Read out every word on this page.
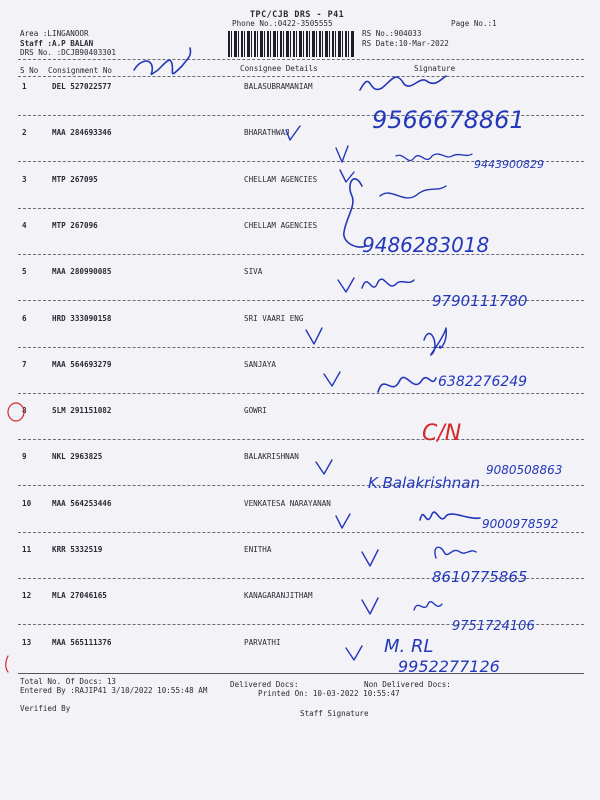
TPC/CJB DRS - P41
Phone No.:0422-3505555
RS No.:904033
Page No.:1
RS Date:10-Mar-2022
Area :LINGANOOR
Staff :A.P BALAN
DRS No. :DCJB90403301
S No Consignment No	Consignee Details	Signature
1	DEL 527022577	BALASUBRAMANIAM
2	MAA 284693346	BHARATHWAJ
3	MTP 267095	CHELLAM AGENCIES
4	MTP 267096	CHELLAM AGENCIES
5	MAA 280990085	SIVA
6	HRD 333090158	SRI VAARI ENG
7	MAA 564693279	SANJAYA
8	SLM 291151082	GOWRI
9	NKL 2963825	BALAKRISHNAN
10	MAA 564253446	VENKATESA NARAYANAN
11	KRR 5332519	ENITHA
12	MLA 27046165	KANAGARANJITHAM
13	MAA 565111376	PARVATHI
Total No. Of Docs: 13	Delivered Docs:	Non Delivered Docs:
Entered By :RAJIP41 3/10/2022 10:55:48 AM	Printed On: 10-03-2022 10:55:47
Verified By
Staff Signature
9566678861
9443900829
9486283018
9790111780
6382276249
C/N
K.Balakrishnan
9080508863
9000978592
8610775865
9751724106
M. RL
9952277126
